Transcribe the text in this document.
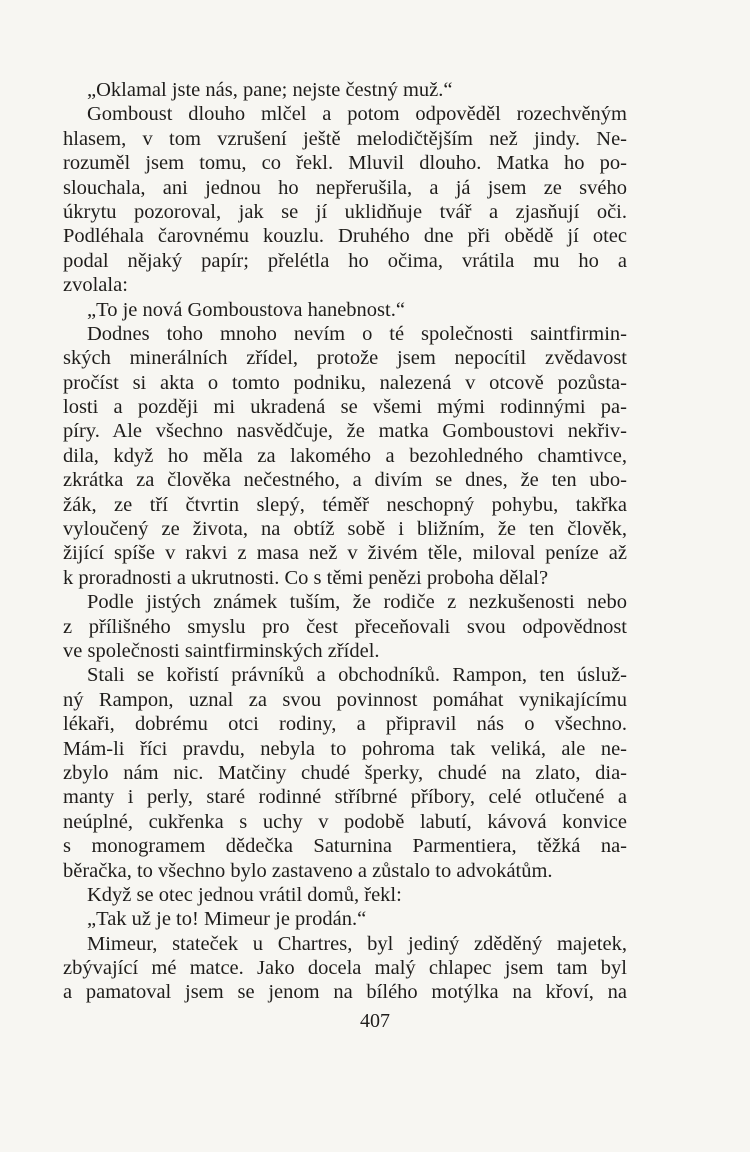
„Oklamal jste nás, pane; nejste čestný muž.“
Gomboust dlouho mlčel a potom odpověděl rozechvěným
hlasem, v tom vzrušení ještě melodičtějším než jindy. Ne-
rozuměl jsem tomu, co řekl. Mluvil dlouho. Matka ho po-
slouchala, ani jednou ho nepřerušila, a já jsem ze svého
úkrytu pozoroval, jak se jí uklidňuje tvář a zjasňují oči.
Podléhala čarovnému kouzlu. Druhého dne při obědě jí otec
podal nějaký papír; přelétla ho očima, vrátila mu ho a
zvolala:
„To je nová Gomboustova hanebnost.“
Dodnes toho mnoho nevím o té společnosti saintfirmin-
ských minerálních zřídel, protože jsem nepocítil zvědavost
pročíst si akta o tomto podniku, nalezená v otcově pozůsta-
losti a později mi ukradená se všemi mými rodinnými pa-
píry. Ale všechno nasvědčuje, že matka Gomboustovi nekřiv-
dila, když ho měla za lakomého a bezohledného chamtivce,
zkrátka za člověka nečestného, a divím se dnes, že ten ubo-
žák, ze tří čtvrtin slepý, téměř neschopný pohybu, takřka
vyloučený ze života, na obtíž sobě i bližním, že ten člověk,
žijící spíše v rakvi z masa než v živém těle, miloval peníze až
k proradnosti a ukrutnosti. Co s těmi penězi proboha dělal?
Podle jistých známek tuším, že rodiče z nezkušenosti nebo
z přílišného smyslu pro čest přeceňovali svou odpovědnost
ve společnosti saintfirminských zřídel.
Stali se kořistí právníků a obchodníků. Rampon, ten úsluž-
ný Rampon, uznal za svou povinnost pomáhat vynikajícímu
lékaři, dobrému otci rodiny, a připravil nás o všechno.
Mám-li říci pravdu, nebyla to pohroma tak veliká, ale ne-
zbylo nám nic. Matčiny chudé šperky, chudé na zlato, dia-
manty i perly, staré rodinné stříbrné příbory, celé otlučené a
neúplné, cukřenka s uchy v podobě labutí, kávová konvice
s monogramem dědečka Saturnina Parmentiera, těžká na-
běračka, to všechno bylo zastaveno a zůstalo to advokátům.
Když se otec jednou vrátil domů, řekl:
„Tak už je to! Mimeur je prodán.“
Mimeur, stateček u Chartres, byl jediný zděděný majetek,
zbývající mé matce. Jako docela malý chlapec jsem tam byl
a pamatoval jsem se jenom na bílého motýlka na křoví, na
407
